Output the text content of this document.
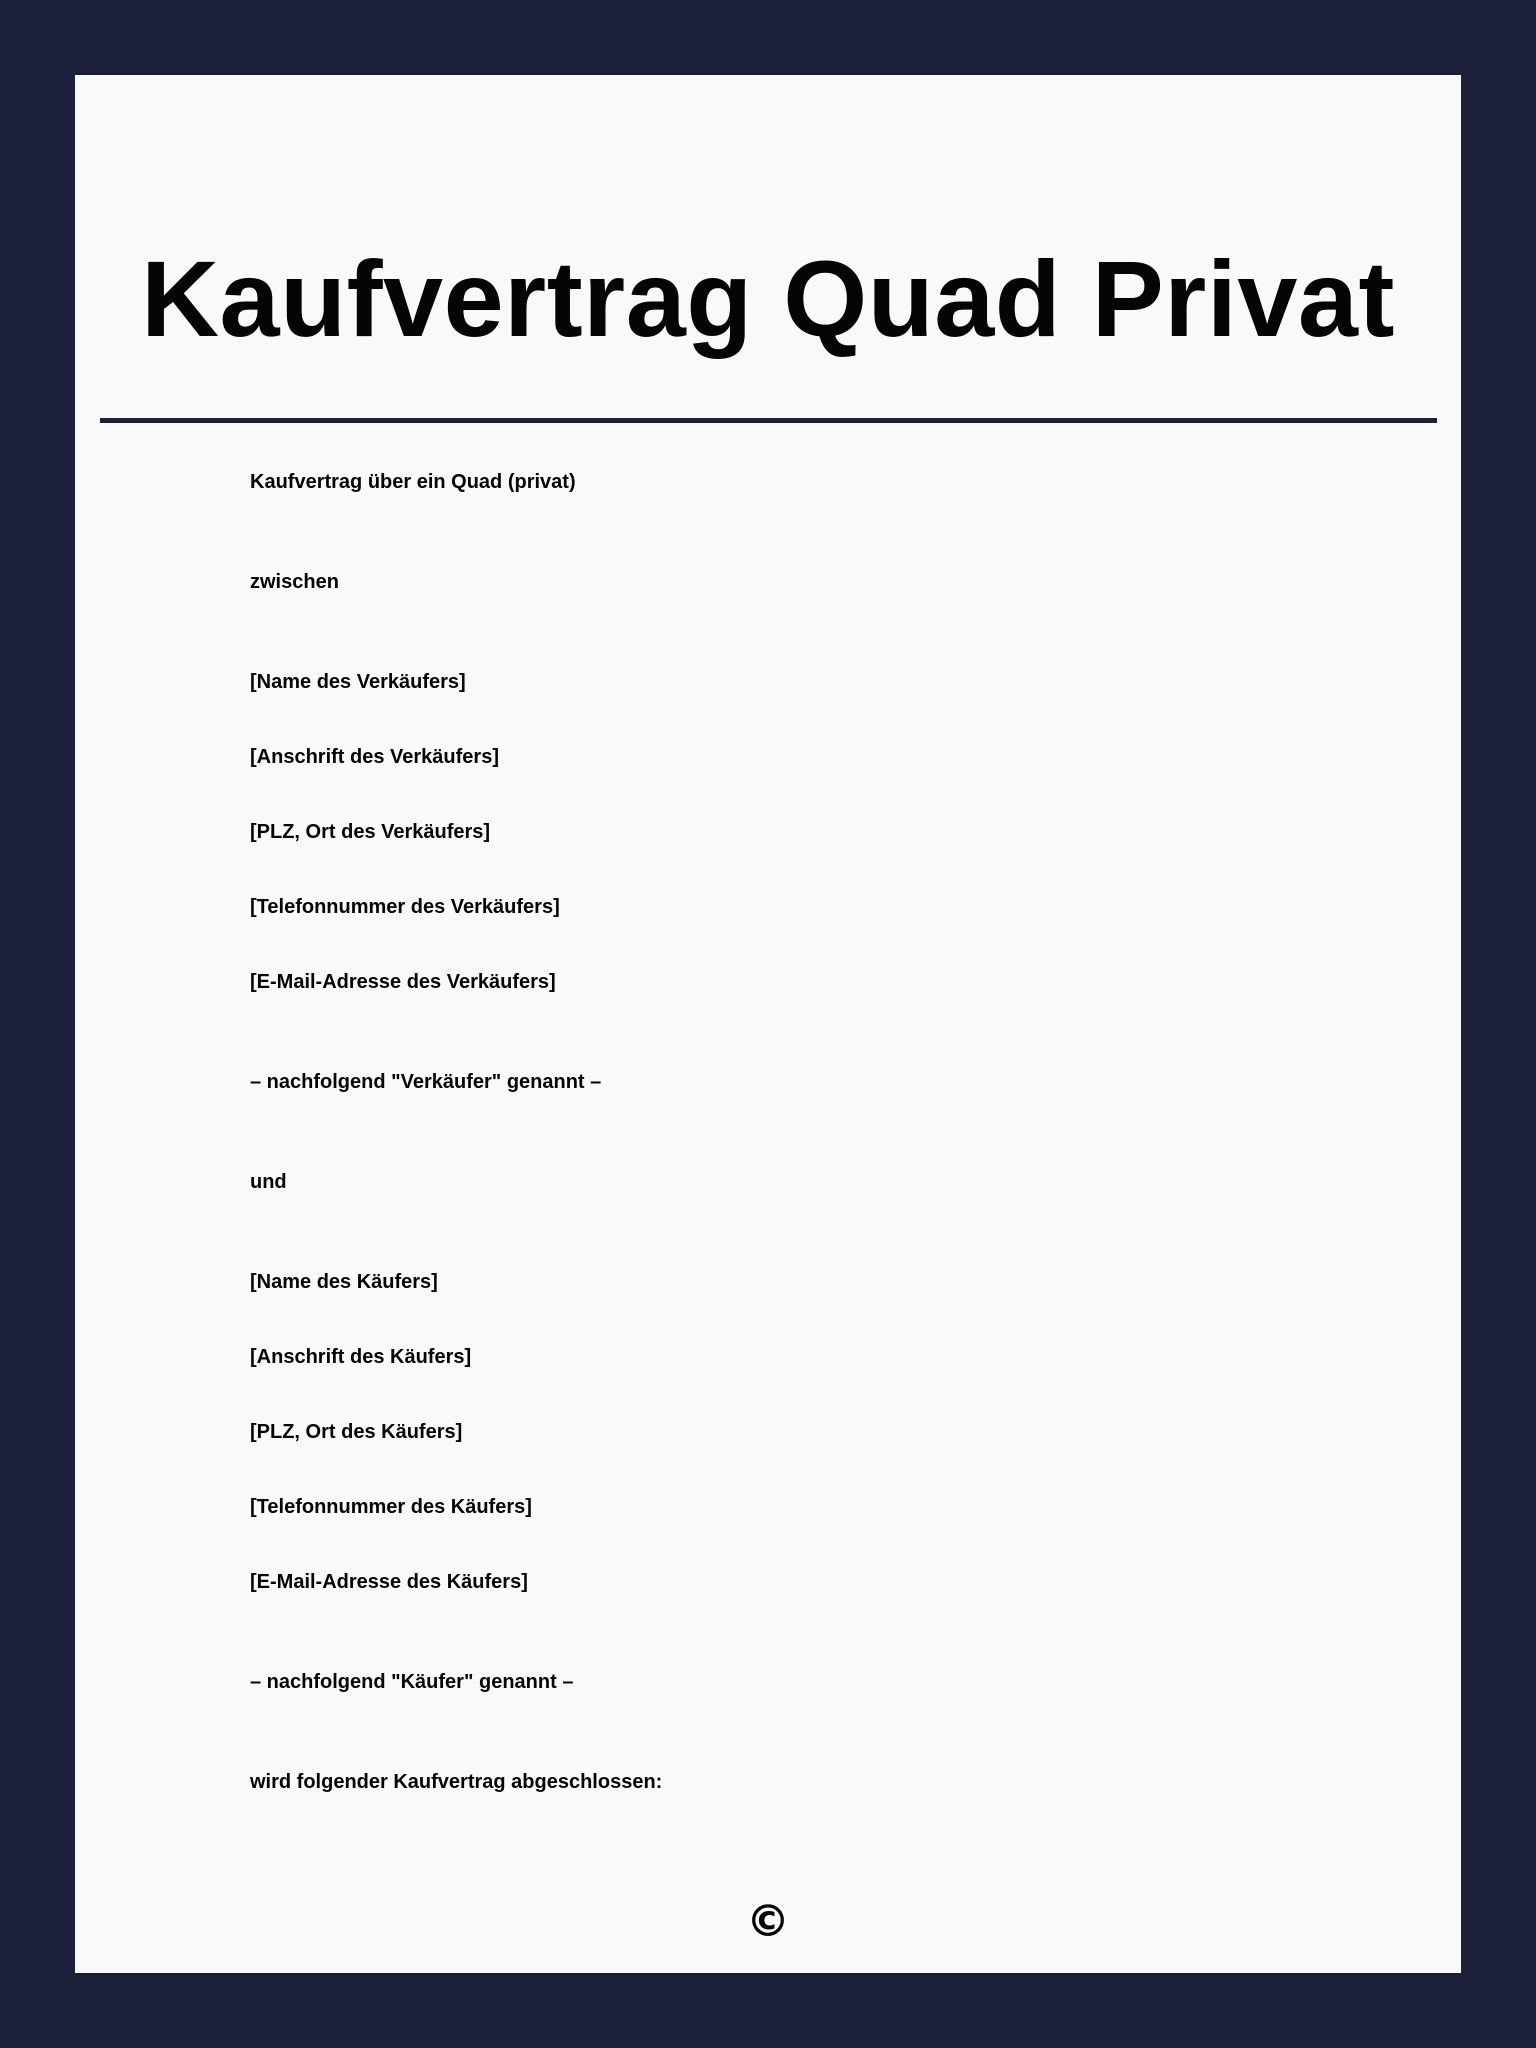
Kaufvertrag Quad Privat

Kaufvertrag über ein Quad (privat)

zwischen

[Name des Verkäufers]

[Anschrift des Verkäufers]

[PLZ, Ort des Verkäufers]

[Telefonnummer des Verkäufers]

[E-Mail-Adresse des Verkäufers]

– nachfolgend "Verkäufer" genannt –

und

[Name des Käufers]

[Anschrift des Käufers]

[PLZ, Ort des Käufers]

[Telefonnummer des Käufers]

[E-Mail-Adresse des Käufers]

– nachfolgend "Käufer" genannt –

wird folgender Kaufvertrag abgeschlossen:

©
